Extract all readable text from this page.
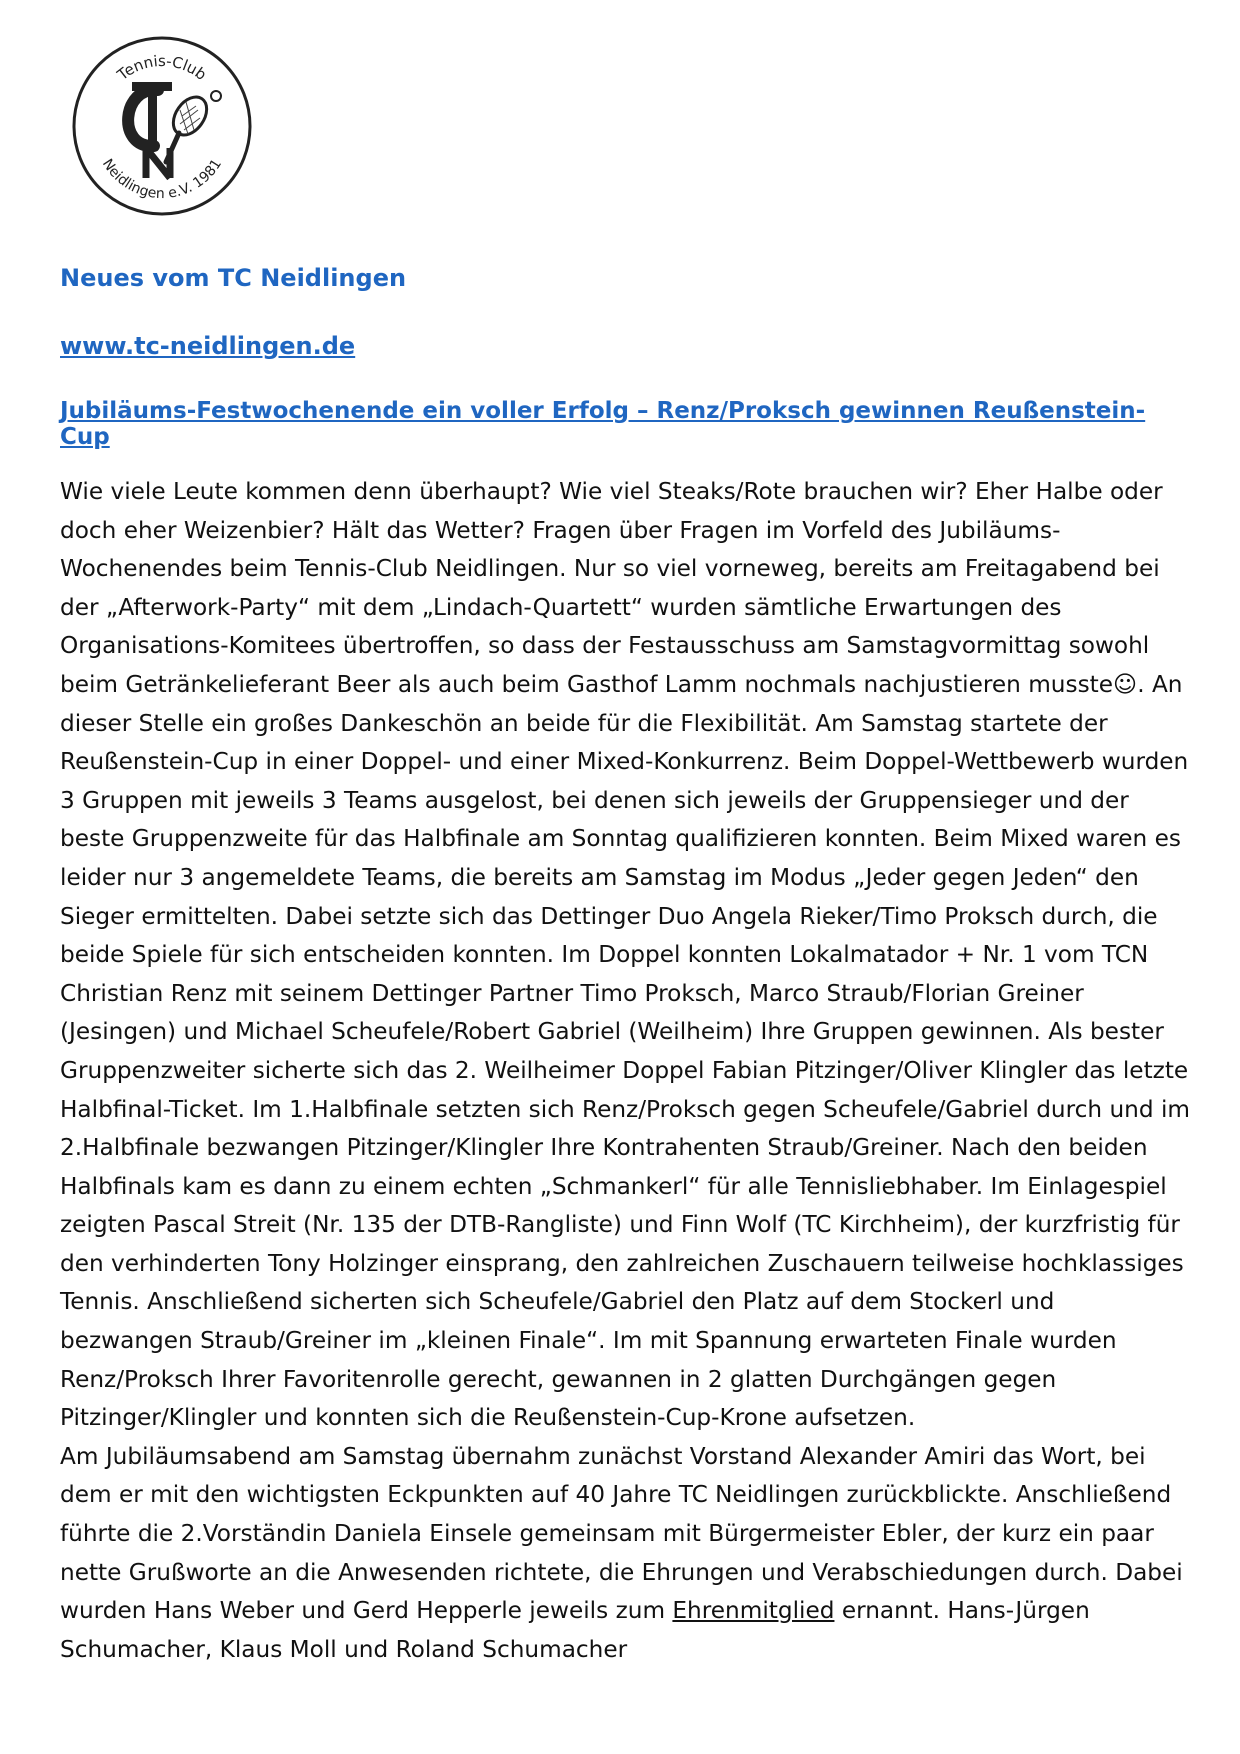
Tennis-Club
Neidlingen e.V. 1981
Neues vom TC Neidlingen
www.tc-neidlingen.de
Jubiläums-Festwochenende ein voller Erfolg – Renz/Proksch gewinnen Reußenstein-Cup

Wie viele Leute kommen denn überhaupt? Wie viel Steaks/Rote brauchen wir? Eher Halbe oder doch eher Weizenbier? Hält das Wetter? Fragen über Fragen im Vorfeld des Jubiläums-Wochenendes beim Tennis-Club Neidlingen. Nur so viel vorneweg, bereits am Freitagabend bei der „Afterwork-Party“ mit dem „Lindach-Quartett“ wurden sämtliche Erwartungen des Organisations-Komitees übertroffen, so dass der Festausschuss am Samstagvormittag sowohl beim Getränkelieferant Beer als auch beim Gasthof Lamm nochmals nachjustieren musste☺. An dieser Stelle ein großes Dankeschön an beide für die Flexibilität. Am Samstag startete der Reußenstein-Cup in einer Doppel- und einer Mixed-Konkurrenz. Beim Doppel-Wettbewerb wurden 3 Gruppen mit jeweils 3 Teams ausgelost, bei denen sich jeweils der Gruppensieger und der beste Gruppenzweite für das Halbfinale am Sonntag qualifizieren konnten. Beim Mixed waren es leider nur 3 angemeldete Teams, die bereits am Samstag im Modus „Jeder gegen Jeden“ den Sieger ermittelten. Dabei setzte sich das Dettinger Duo Angela Rieker/Timo Proksch durch, die beide Spiele für sich entscheiden konnten. Im Doppel konnten Lokalmatador + Nr. 1 vom TCN Christian Renz mit seinem Dettinger Partner Timo Proksch, Marco Straub/Florian Greiner (Jesingen) und Michael Scheufele/Robert Gabriel (Weilheim) Ihre Gruppen gewinnen. Als bester Gruppenzweiter sicherte sich das 2. Weilheimer Doppel Fabian Pitzinger/Oliver Klingler das letzte Halbfinal-Ticket. Im 1.Halbfinale setzten sich Renz/Proksch gegen Scheufele/Gabriel durch und im 2.Halbfinale bezwangen Pitzinger/Klingler Ihre Kontrahenten Straub/Greiner. Nach den beiden Halbfinals kam es dann zu einem echten „Schmankerl“ für alle Tennisliebhaber. Im Einlagespiel zeigten Pascal Streit (Nr. 135 der DTB-Rangliste) und Finn Wolf (TC Kirchheim), der kurzfristig für den verhinderten Tony Holzinger einsprang, den zahlreichen Zuschauern teilweise hochklassiges Tennis. Anschließend sicherten sich Scheufele/Gabriel den Platz auf dem Stockerl und bezwangen Straub/Greiner im „kleinen Finale“. Im mit Spannung erwarteten Finale wurden Renz/Proksch Ihrer Favoritenrolle gerecht, gewannen in 2 glatten Durchgängen gegen Pitzinger/Klingler und konnten sich die Reußenstein-Cup-Krone aufsetzen.

Am Jubiläumsabend am Samstag übernahm zunächst Vorstand Alexander Amiri das Wort, bei dem er mit den wichtigsten Eckpunkten auf 40 Jahre TC Neidlingen zurückblickte. Anschließend führte die 2.Vorständin Daniela Einsele gemeinsam mit Bürgermeister Ebler, der kurz ein paar nette Grußworte an die Anwesenden richtete, die Ehrungen und Verabschiedungen durch. Dabei wurden Hans Weber und Gerd Hepperle jeweils zum Ehrenmitglied ernannt. Hans-Jürgen Schumacher, Klaus Moll und Roland Schumacher
